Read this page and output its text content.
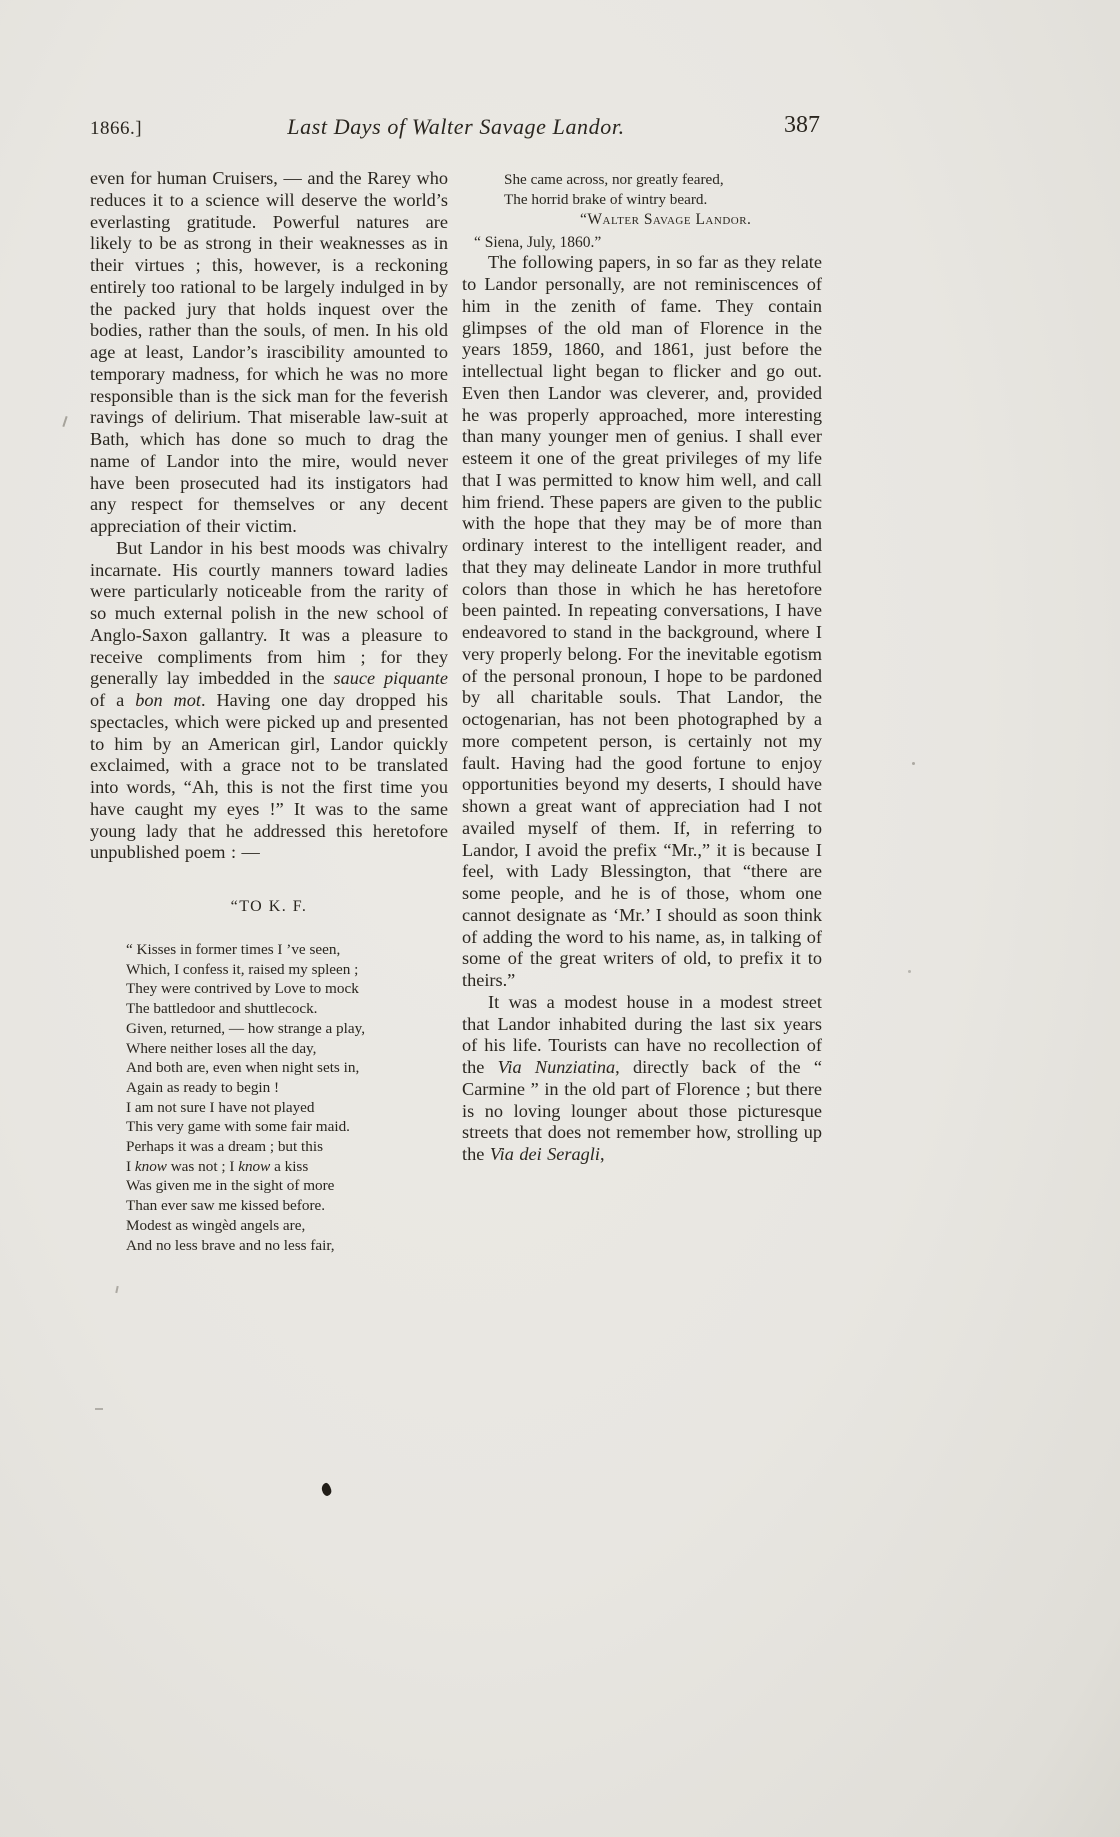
1866.]	Last Days of Walter Savage Landor.	387

even for human Cruisers, — and the Rarey who reduces it to a science will deserve the world’s everlasting gratitude. Powerful natures are likely to be as strong in their weaknesses as in their virtues ; this, however, is a reckoning entirely too rational to be largely indulged in by the packed jury that holds inquest over the bodies, rather than the souls, of men. In his old age at least, Landor’s irascibility amounted to temporary madness, for which he was no more responsible than is the sick man for the feverish ravings of delirium. That miserable law-suit at Bath, which has done so much to drag the name of Landor into the mire, would never have been prosecuted had its instigators had any respect for themselves or any decent appreciation of their victim.

But Landor in his best moods was chivalry incarnate. His courtly manners toward ladies were particularly noticeable from the rarity of so much external polish in the new school of Anglo-Saxon gallantry. It was a pleasure to receive compliments from him ; for they generally lay imbedded in the sauce piquante of a bon mot. Having one day dropped his spectacles, which were picked up and presented to him by an American girl, Landor quickly exclaimed, with a grace not to be translated into words, “Ah, this is not the first time you have caught my eyes !” It was to the same young lady that he addressed this heretofore unpublished poem : —

“TO K. F.
“ Kisses in former times I ’ve seen,
Which, I confess it, raised my spleen ;
They were contrived by Love to mock
The battledoor and shuttlecock.
Given, returned, — how strange a play,
Where neither loses all the day,
And both are, even when night sets in,
Again as ready to begin !
I am not sure I have not played
This very game with some fair maid.
Perhaps it was a dream ; but this
I know was not ; I know a kiss
Was given me in the sight of more
Than ever saw me kissed before.
Modest as wingèd angels are,
And no less brave and no less fair,
She came across, nor greatly feared,
The horrid brake of wintry beard.
“Walter Savage Landor.
“ Siena, July, 1860.”

The following papers, in so far as they relate to Landor personally, are not reminiscences of him in the zenith of fame. They contain glimpses of the old man of Florence in the years 1859, 1860, and 1861, just before the intellectual light began to flicker and go out. Even then Landor was cleverer, and, provided he was properly approached, more interesting than many younger men of genius. I shall ever esteem it one of the great privileges of my life that I was permitted to know him well, and call him friend. These papers are given to the public with the hope that they may be of more than ordinary interest to the intelligent reader, and that they may delineate Landor in more truthful colors than those in which he has heretofore been painted. In repeating conversations, I have endeavored to stand in the background, where I very properly belong. For the inevitable egotism of the personal pronoun, I hope to be pardoned by all charitable souls. That Landor, the octogenarian, has not been photographed by a more competent person, is certainly not my fault. Having had the good fortune to enjoy opportunities beyond my deserts, I should have shown a great want of appreciation had I not availed myself of them. If, in referring to Landor, I avoid the prefix “Mr.,” it is because I feel, with Lady Blessington, that “there are some people, and he is of those, whom one cannot designate as ‘Mr.’ I should as soon think of adding the word to his name, as, in talking of some of the great writers of old, to prefix it to theirs.”

It was a modest house in a modest street that Landor inhabited during the last six years of his life. Tourists can have no recollection of the Via Nunziatina, directly back of the “ Carmine ” in the old part of Florence ; but there is no loving lounger about those picturesque streets that does not remember how, strolling up the Via dei Seragli,
